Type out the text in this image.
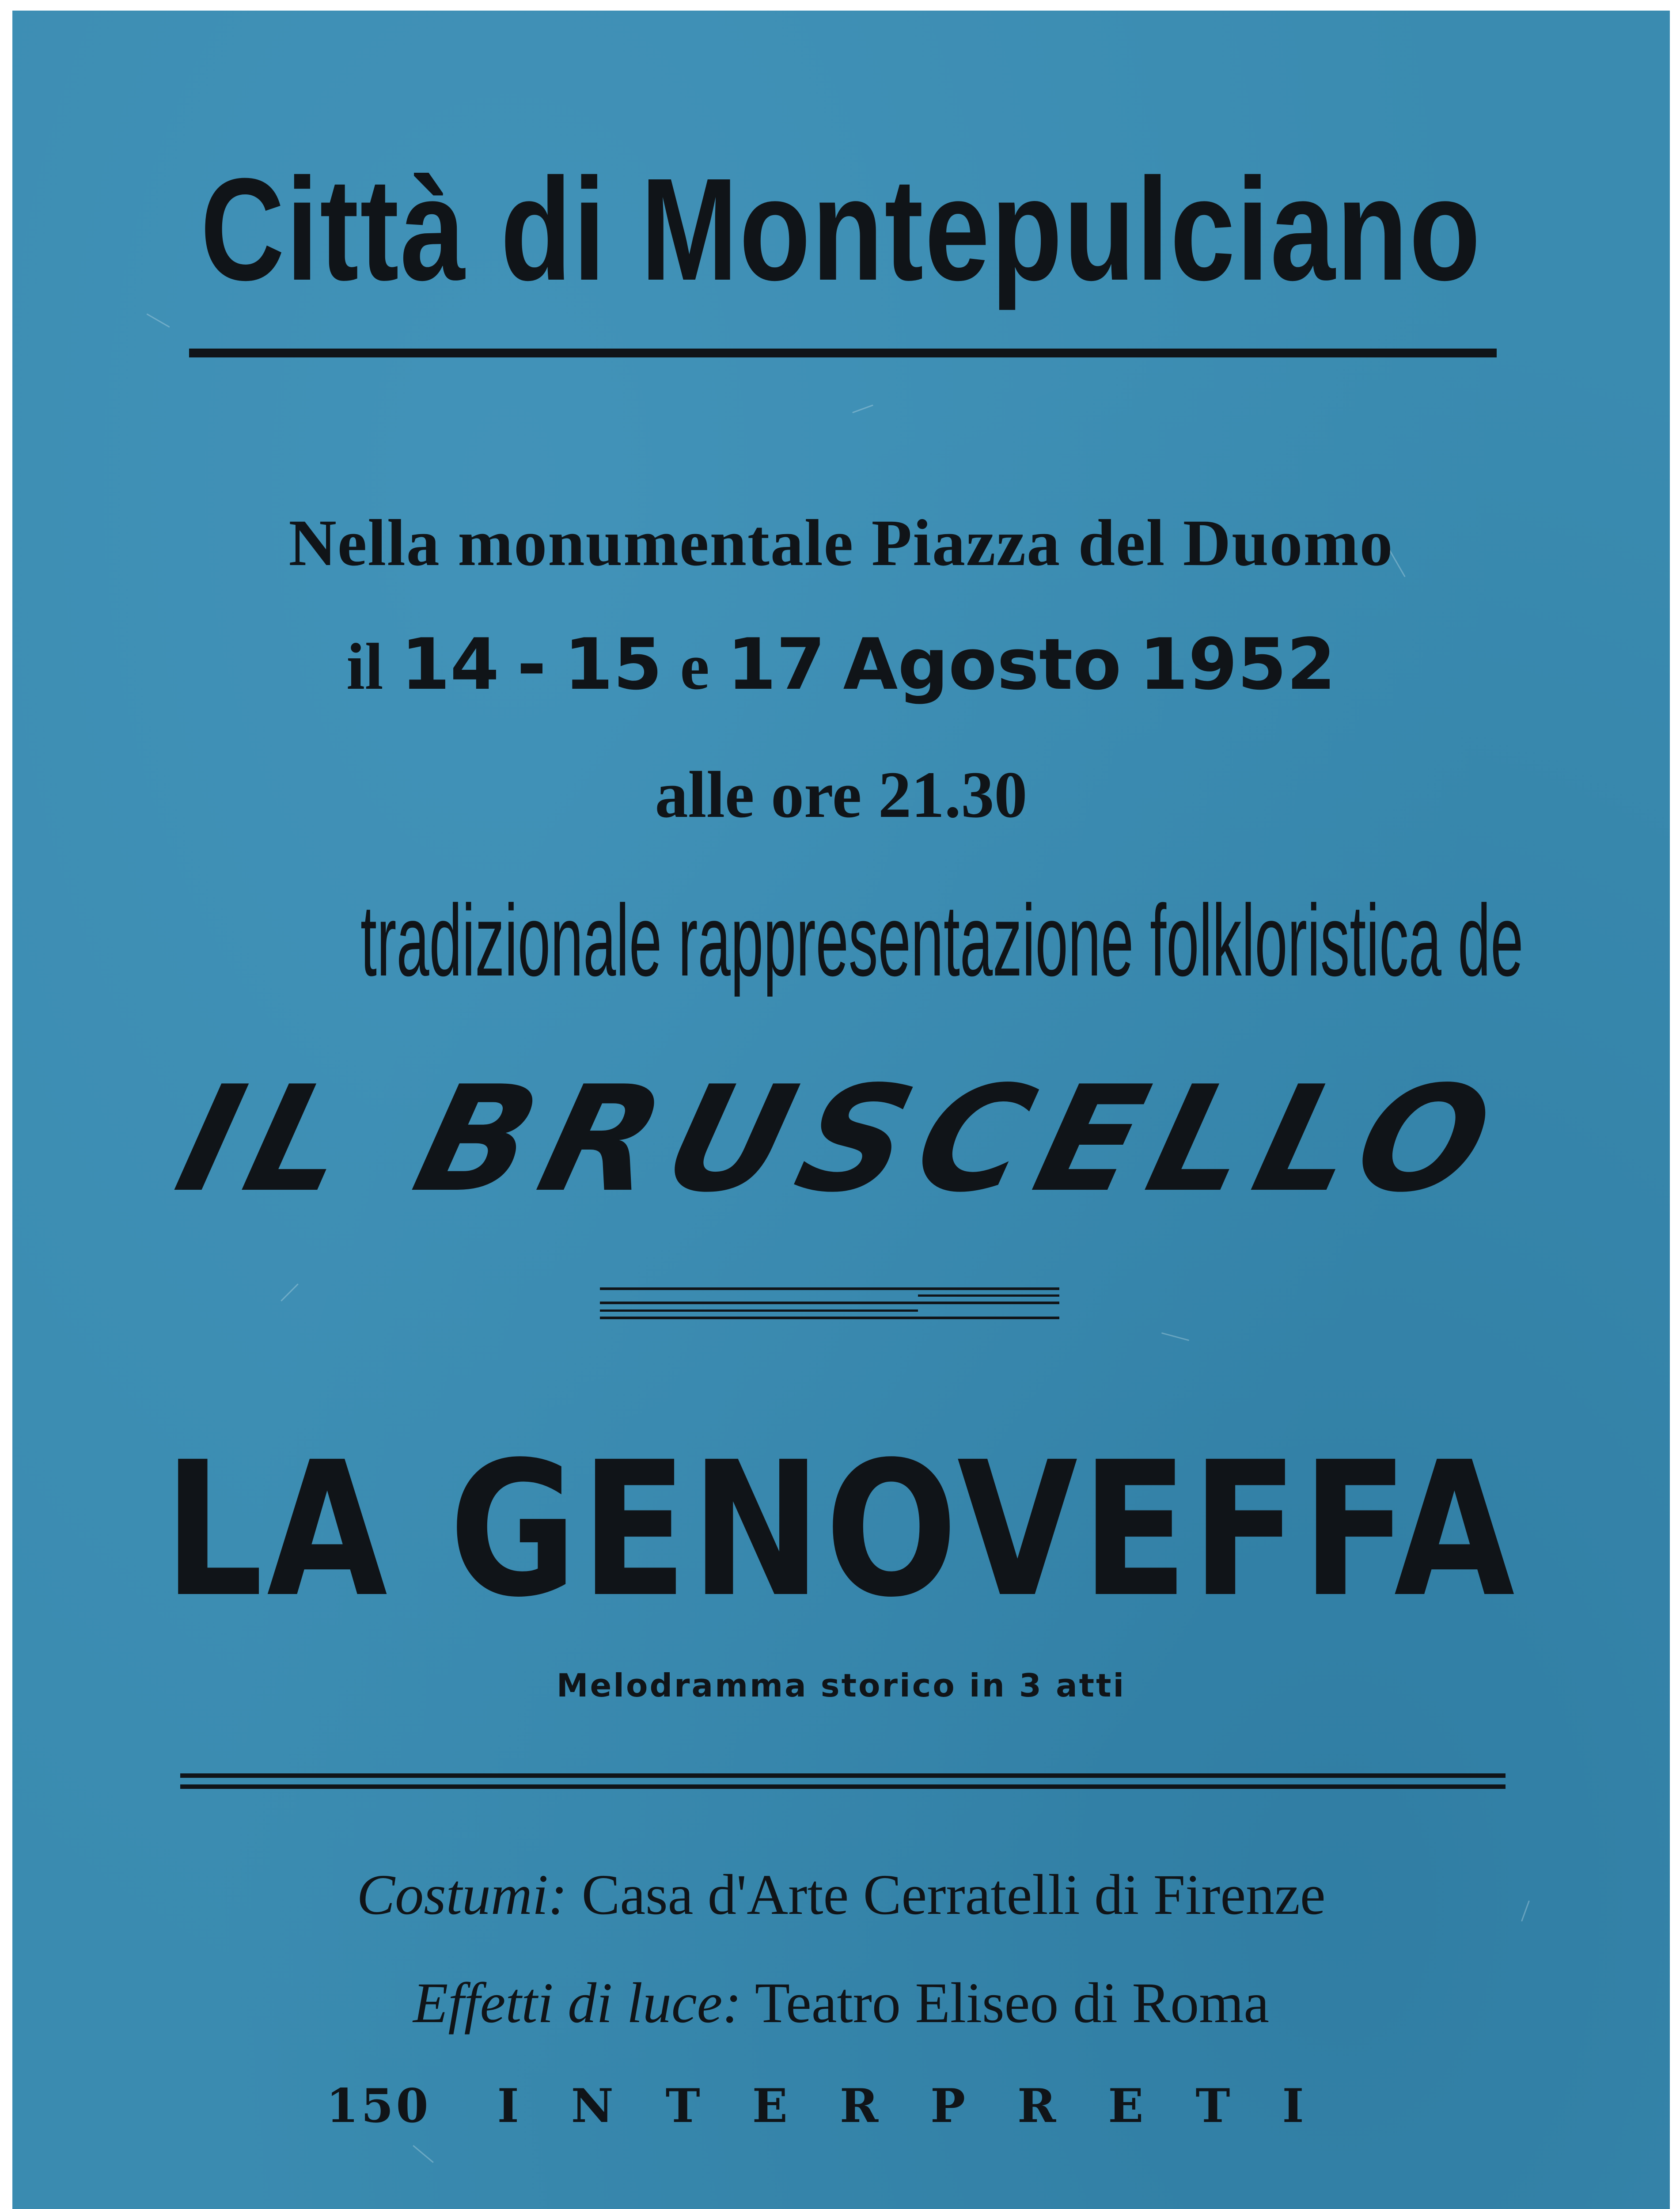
Città di Montepulciano
Nella monumentale Piazza del Duomo
il 14 - 15 e 17 Agosto 1952
alle ore 21.30
tradizionale rappresentazione folkloristica de
IL BRUSCELLO
LA GENOVEFFA
Melodramma storico in 3 atti
Costumi: Casa d'Arte Cerratelli di Firenze
Effetti di luce: Teatro Eliseo di Roma
150 INTERPRETI
